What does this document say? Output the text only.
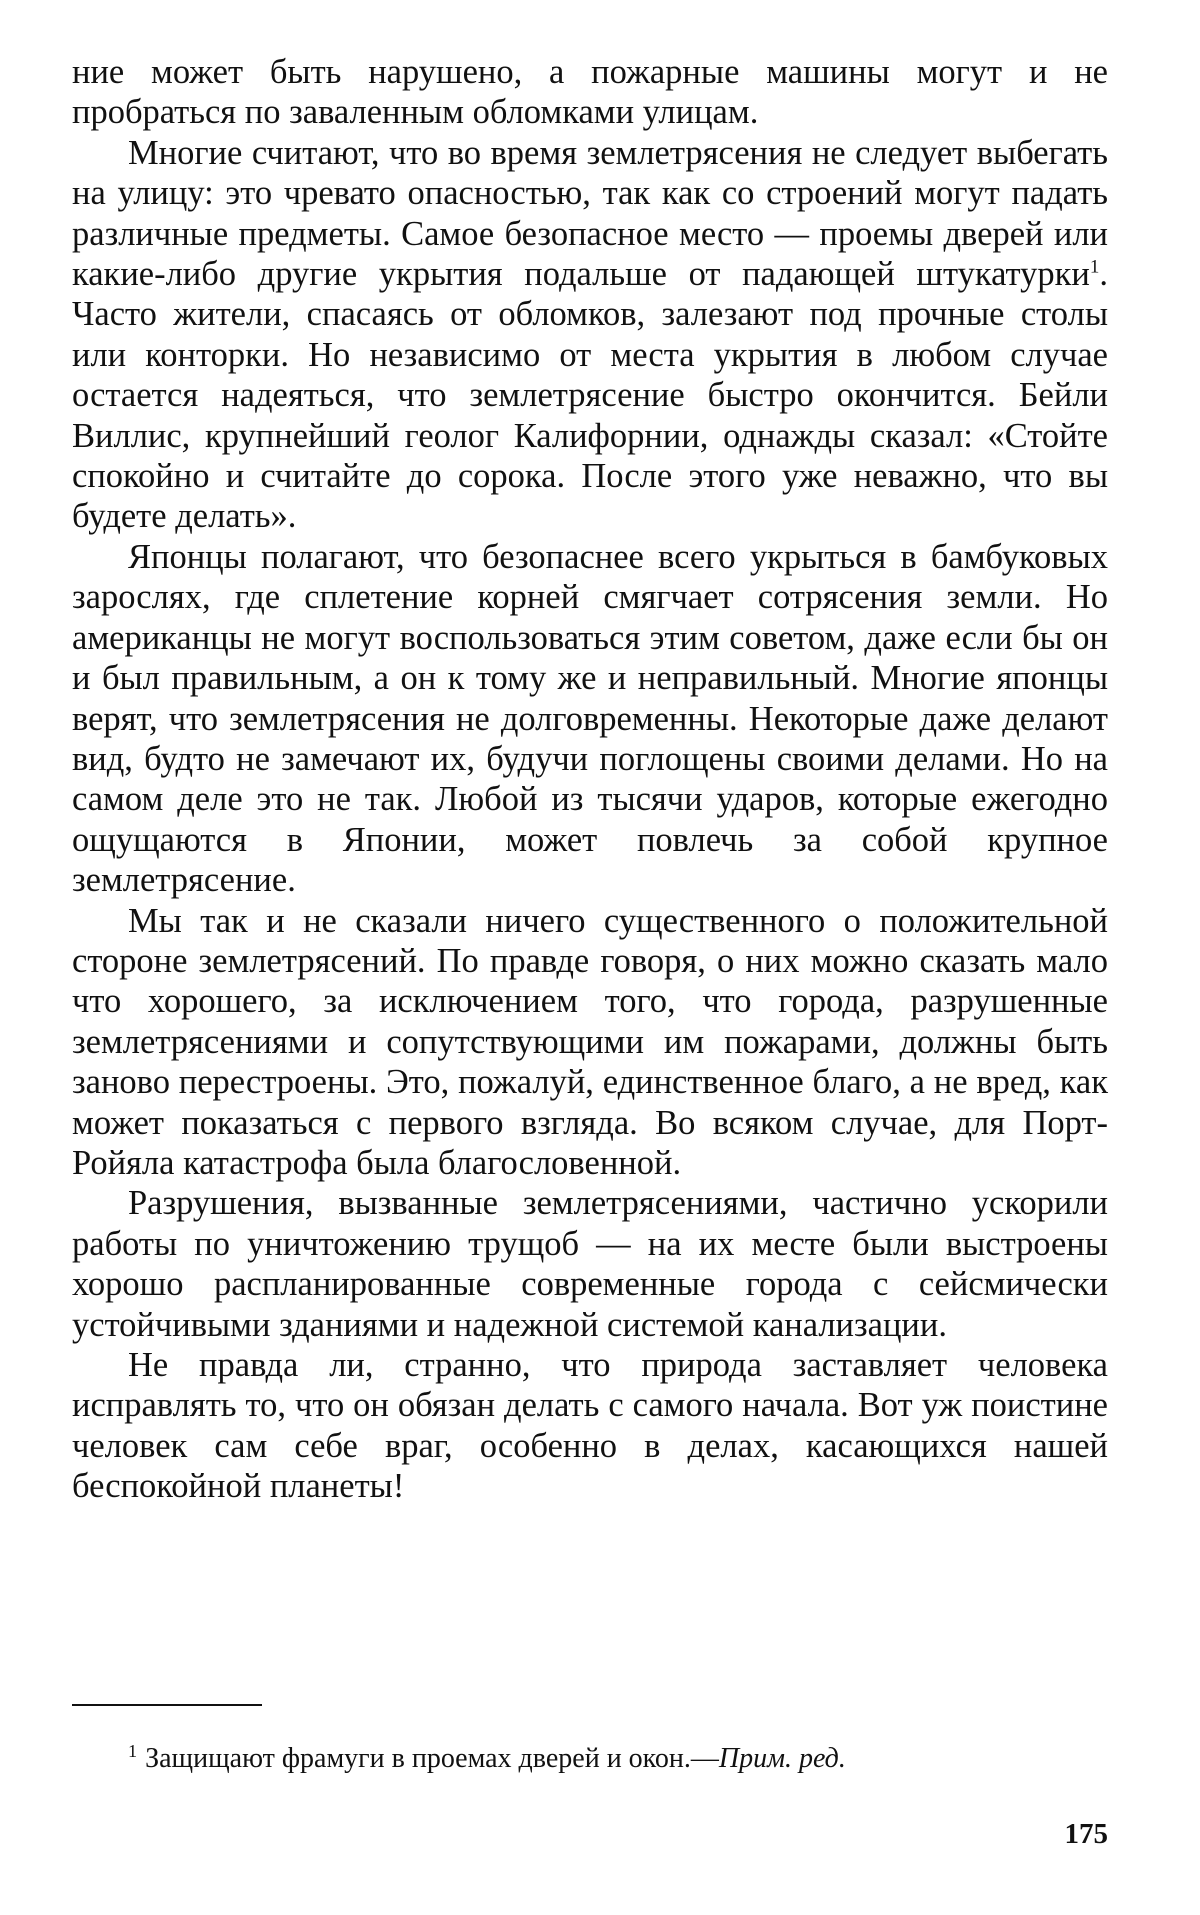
ние может быть нарушено, а пожарные машины могут и не пробраться по заваленным обломками улицам.

Многие считают, что во время землетрясения не следует выбегать на улицу: это чревато опасностью, так как со строений могут падать различные предметы. Самое безопасное место — проемы дверей или какие-либо другие укрытия подальше от падающей штукатурки$^1$. Часто жители, спасаясь от обломков, залезают под прочные столы или конторки. Но независимо от места укрытия в любом случае остается надеяться, что землетрясение быстро окончится. Бейли Виллис, крупнейший геолог Калифорнии, однажды сказал: «Стойте спокойно и считайте до сорока. После этого уже неважно, что вы будете делать».

Японцы полагают, что безопаснее всего укрыться в бамбуковых зарослях, где сплетение корней смягчает сотрясения земли. Но американцы не могут воспользоваться этим советом, даже если бы он и был правильным, а он к тому же и неправильный. Многие японцы верят, что землетрясения не долговременны. Некоторые даже делают вид, будто не замечают их, будучи поглощены своими делами. Но на самом деле это не так. Любой из тысячи ударов, которые ежегодно ощущаются в Японии, может повлечь за собой крупное землетрясение.

Мы так и не сказали ничего существенного о положительной стороне землетрясений. По правде говоря, о них можно сказать мало что хорошего, за исключением того, что города, разрушенные землетрясениями и сопутствующими им пожарами, должны быть заново перестроены. Это, пожалуй, единственное благо, а не вред, как может показаться с первого взгляда. Во всяком случае, для Порт-Ройяла катастрофа была благословенной.

Разрушения, вызванные землетрясениями, частично ускорили работы по уничтожению трущоб — на их месте были выстроены хорошо распланированные современные города с сейсмически устойчивыми зданиями и надежной системой канализации.

Не правда ли, странно, что природа заставляет человека исправлять то, что он обязан делать с самого начала. Вот уж поистине человек сам себе враг, особенно в делах, касающихся нашей беспокойной планеты!

$^1$ Защищают фрамуги в проемах дверей и окон.—Прим. ред.
175
